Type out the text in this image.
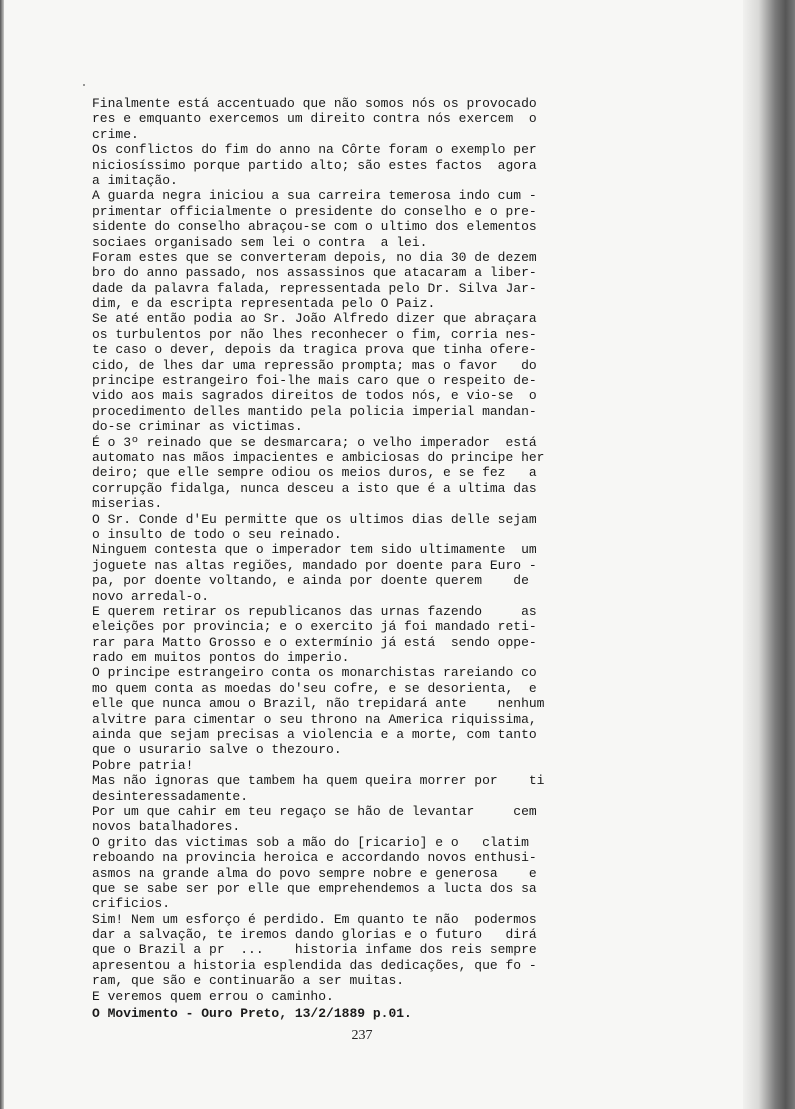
Finalmente está accentuado que não somos nós os provocado
res e emquanto exercemos um direito contra nós exercem  o
crime.
Os conflictos do fim do anno na Côrte foram o exemplo per
niciosíssimo porque partido alto; são estes factos  agora
a imitação.
A guarda negra iniciou a sua carreira temerosa indo cum -
primentar officialmente o presidente do conselho e o pre-
sidente do conselho abraçou-se com o ultimo dos elementos
sociaes organisado sem lei o contra  a lei.
Foram estes que se converteram depois, no dia 30 de dezem
bro do anno passado, nos assassinos que atacaram a liber-
dade da palavra falada, repressentada pelo Dr. Silva Jar-
dim, e da escripta representada pelo O Paiz.
Se até então podia ao Sr. João Alfredo dizer que abraçara
os turbulentos por não lhes reconhecer o fim, corria nes-
te caso o dever, depois da tragica prova que tinha ofere-
cido, de lhes dar uma repressão prompta; mas o favor   do
principe estrangeiro foi-lhe mais caro que o respeito de-
vido aos mais sagrados direitos de todos nós, e vio-se  o
procedimento delles mantido pela policia imperial mandan-
do-se criminar as victimas.
É o 3º reinado que se desmarcara; o velho imperador  está
automato nas mãos impacientes e ambiciosas do principe her
deiro; que elle sempre odiou os meios duros, e se fez   a
corrupção fidalga, nunca desceu a isto que é a ultima das
miserias.
O Sr. Conde d'Eu permitte que os ultimos dias delle sejam
o insulto de todo o seu reinado.
Ninguem contesta que o imperador tem sido ultimamente  um
joguete nas altas regiões, mandado por doente para Euro -
pa, por doente voltando, e ainda por doente querem    de
novo arredal-o.
E querem retirar os republicanos das urnas fazendo     as
eleições por provincia; e o exercito já foi mandado reti-
rar para Matto Grosso e o extermínio já está  sendo oppe-
rado em muitos pontos do imperio.
O principe estrangeiro conta os monarchistas rareiando co
mo quem conta as moedas do'seu cofre, e se desorienta,  e
elle que nunca amou o Brazil, não trepidará ante    nenhum
alvitre para cimentar o seu throno na America riquissima,
ainda que sejam precisas a violencia e a morte, com tanto
que o usurario salve o thezouro.
Pobre patria!
Mas não ignoras que tambem ha quem queira morrer por    ti
desinteressadamente.
Por um que cahir em teu regaço se hão de levantar     cem
novos batalhadores.
O grito das victimas sob a mão do [ricario] e o   clatim
reboando na provincia heroica e accordando novos enthusi-
asmos na grande alma do povo sempre nobre e generosa    e
que se sabe ser por elle que emprehendemos a lucta dos sa
crificios.
Sim! Nem um esforço é perdido. Em quanto te não  podermos
dar a salvação, te iremos dando glorias e o futuro   dirá
que o Brazil a pr  ...    historia infame dos reis sempre
apresentou a historia esplendida das dedicações, que fo -
ram, que são e continuarão a ser muitas.
E veremos quem errou o caminho.
O Movimento - Ouro Preto, 13/2/1889 p.01.
237
